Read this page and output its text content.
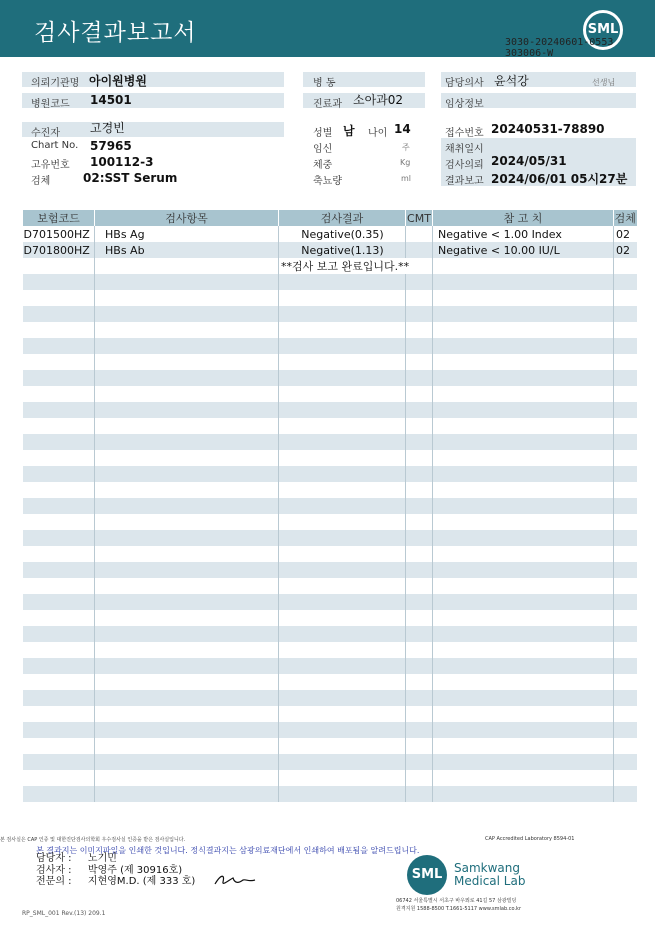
검사결과보고서	SML
3030-20240601-0553
303006-W
의뢰기관명 아이원병원
병원코드 14501
수진자	고경빈
Chart No. 57965
고유번호 100112-3
검체	02:SST Serum
병 동
진료과 소아과02
성별 남 나이 14
임신	주
체중	Kg
축뇨량	ml
담당의사 윤석강	선생님
임상정보
접수번호 20240531-78890
채취일시
검사의뢰 2024/05/31
결과보고 2024/06/01 05시27분
보험코드	검사항목	검사결과	CMT	참 고 치	검체
D701500HZ	HBs Ag	Negative(0.35)		Negative < 1.00 Index	02
D701800HZ	HBs Ab	Negative(1.13)		Negative < 10.00 IU/L	02
		**검사 보고 완료입니다.**			

본 검사실은 CAP 인증 및 대한진단검사의학회 우수검사실 인증을 받은 검사실입니다.	CAP Accredited Laboratory 8594-01
본 결과지는 이미지파일을 인쇄한 것입니다. 정식결과지는 삼광의료재단에서 인쇄하여 배포됨을 알려드립니다.
담당자 : 노기민
검사자 : 박영주 (제 30916호)
전문의 : 지현영M.D. (제 333 호)	SML Samkwang
Medical Lab
06742 서울특별시 서초구 바우뫼로 41길 57 삼광빌딩
원격지원 1588-8500 T.1661-5117 www.smlab.co.kr
RP_SML_001 Rev.(13) 209.1
